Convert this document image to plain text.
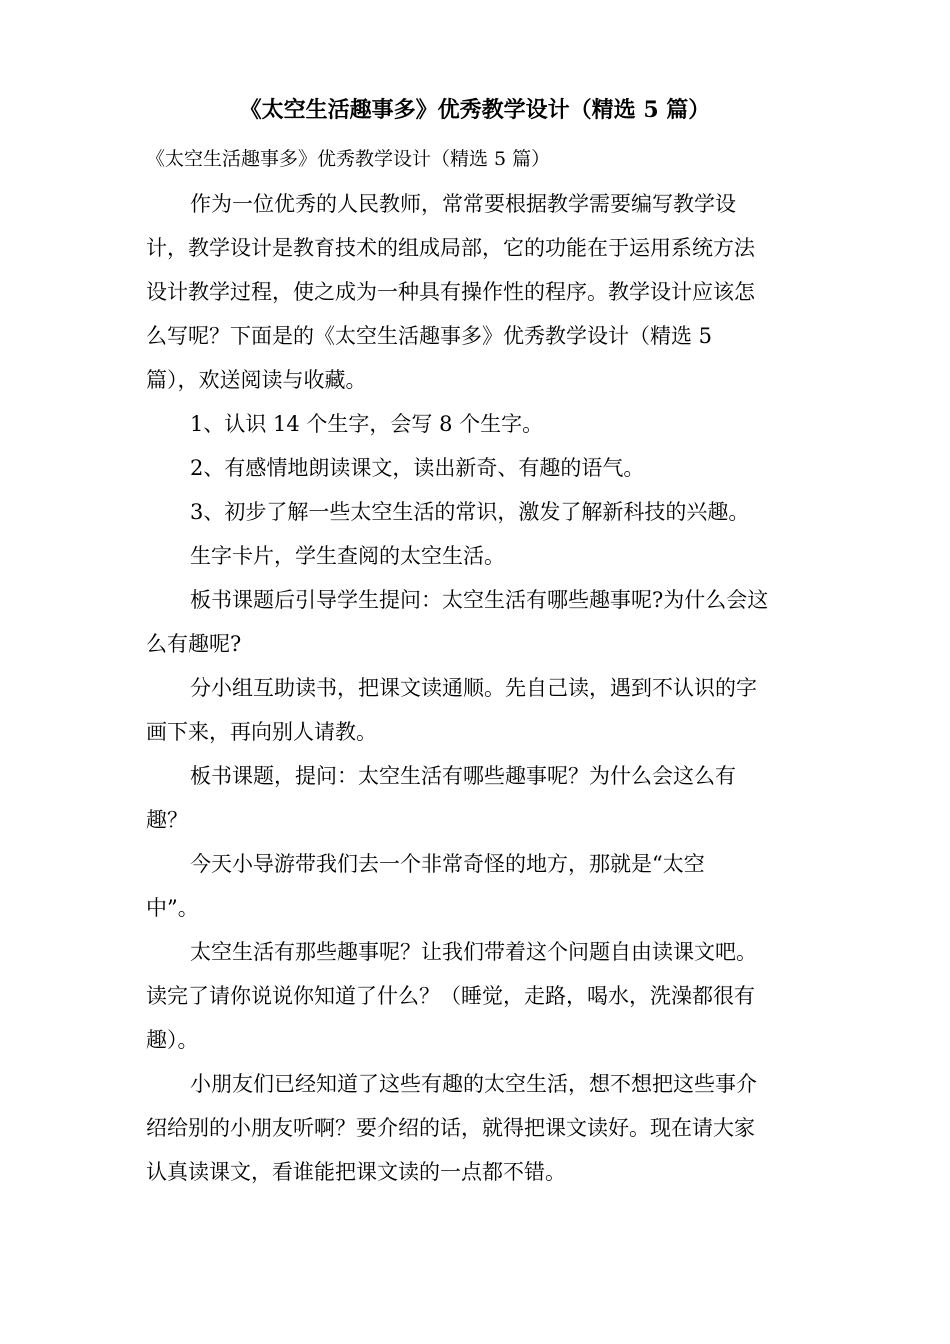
《太空生活趣事多》优秀教学设计（精选 5 篇）

《太空生活趣事多》优秀教学设计（精选 5 篇）

作为一位优秀的人民教师，常常要根据教学需要编写教学设

计，教学设计是教育技术的组成局部，它的功能在于运用系统方法

设计教学过程，使之成为一种具有操作性的程序。教学设计应该怎

么写呢？下面是的《太空生活趣事多》优秀教学设计（精选 5

篇），欢送阅读与收藏。

1、认识 14 个生字，会写 8 个生字。

2、有感情地朗读课文，读出新奇、有趣的语气。

3、初步了解一些太空生活的常识，激发了解新科技的兴趣。

生字卡片，学生查阅的太空生活。

板书课题后引导学生提问：太空生活有哪些趣事呢?为什么会这

么有趣呢?

分小组互助读书，把课文读通顺。先自己读，遇到不认识的字

画下来，再向别人请教。

板书课题，提问：太空生活有哪些趣事呢？为什么会这么有

趣？

今天小导游带我们去一个非常奇怪的地方，那就是“太空

中”。

太空生活有那些趣事呢？让我们带着这个问题自由读课文吧。

读完了请你说说你知道了什么？（睡觉，走路，喝水，洗澡都很有

趣）。

小朋友们已经知道了这些有趣的太空生活，想不想把这些事介

绍给别的小朋友听啊？要介绍的话，就得把课文读好。现在请大家

认真读课文，看谁能把课文读的一点都不错。
